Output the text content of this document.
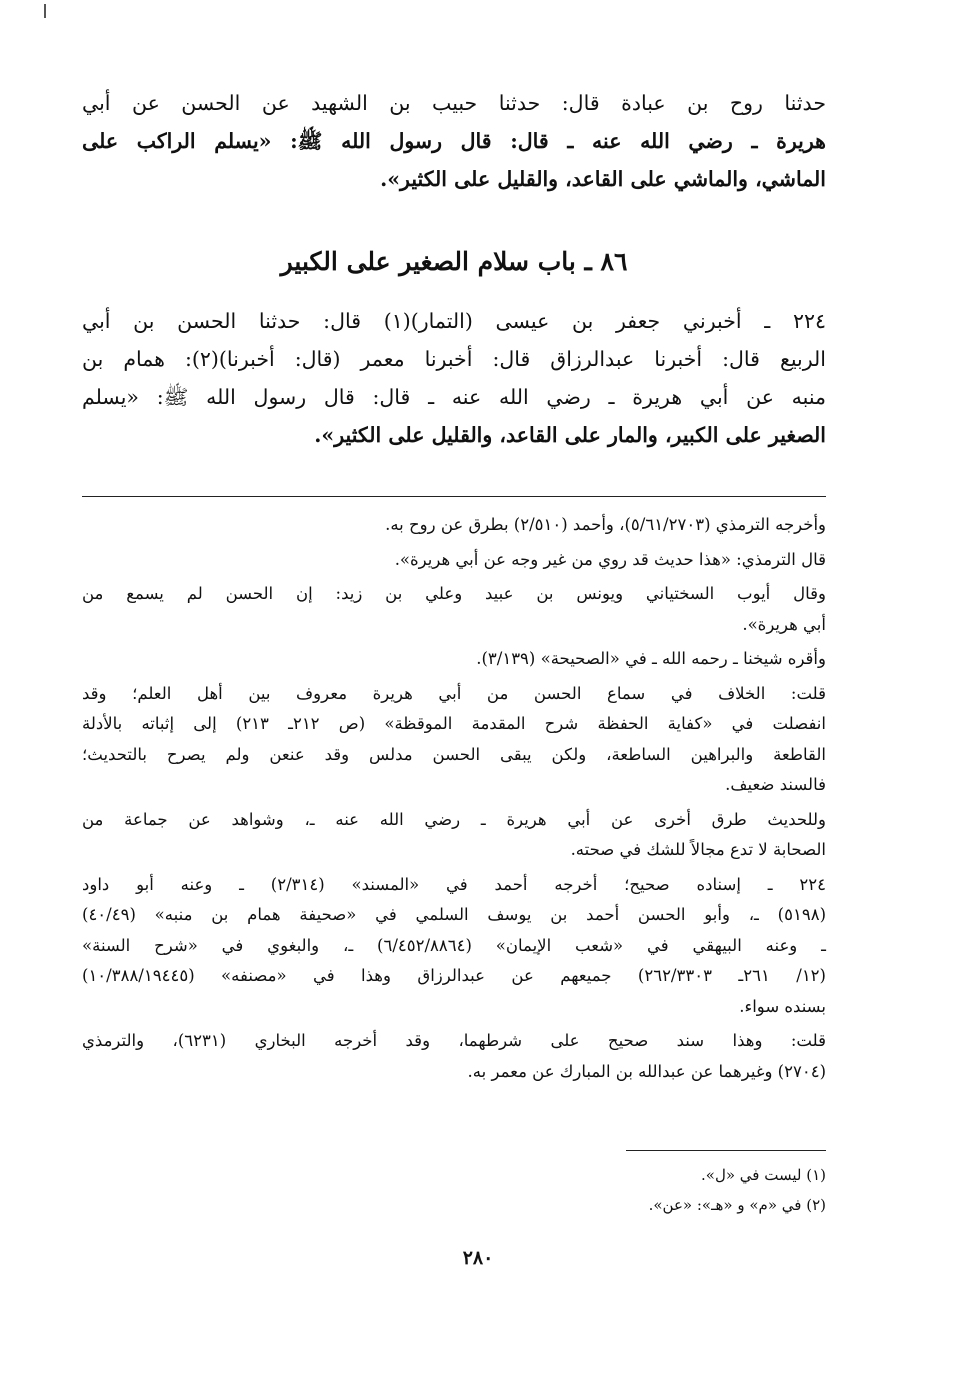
حدثنا روح بن عبادة قال: حدثنا حبيب بن الشهيد عن الحسن عن أبي
هريرة ـ رضي الله عنه ـ قال: قال رسول الله ﷺ: «يسلم الراكب على
الماشي، والماشي على القاعد، والقليل على الكثير».
٨٦ ـ باب سلام الصغير على الكبير
٢٢٤ ـ أخبرني جعفر بن عيسى (التمار)(١) قال: حدثنا الحسن بن أبي
الربيع قال: أخبرنا عبدالرزاق قال: أخبرنا معمر (قال: أخبرنا)(٢): همام بن
منبه عن أبي هريرة ـ رضي الله عنه ـ قال: قال رسول الله ﷺ: «يسلم
الصغير على الكبير، والمار على القاعد، والقليل على الكثير».
وأخرجه الترمذي (٥/٦١/٢٧٠٣)، وأحمد (٢/٥١٠) بطرق عن روح به.
قال الترمذي: «هذا حديث قد روي من غير وجه عن أبي هريرة».
وقال أيوب السختياني ويونس بن عبيد وعلي بن زيد: إن الحسن لم يسمع من
أبي هريرة».
وأقره شيخنا ـ رحمه الله ـ في «الصحيحة» (٣/١٣٩).
قلت: الخلاف في سماع الحسن من أبي هريرة معروف بين أهل العلم؛ وقد
انفصلت في «كفاية الحفظة شرح المقدمة الموقظة» (ص ٢١٢ـ ٢١٣) إلى إثباته بالأدلة
القاطعة والبراهين الساطعة، ولكن يبقى الحسن مدلس وقد عنعن ولم يصرح بالتحديث؛
فالسند ضعيف.
وللحديث طرق أخرى عن أبي هريرة ـ رضي الله عنه ـ، وشواهد عن جماعة من
الصحابة لا تدع مجالاً للشك في صحته.
٢٢٤ ـ إسناده صحيح؛ أخرجه أحمد في «المسند» (٢/٣١٤) ـ وعنه أبو داود
(٥١٩٨) ـ، وأبو الحسن أحمد بن يوسف السلمي في «صحيفة همام بن منبه» (٤٠/٤٩)
ـ وعنه البيهقي في «شعب الإيمان» (٦/٤٥٢/٨٨٦٤) ـ، والبغوي في «شرح السنة»
(١٢/ ٢٦١ـ ٢٦٢/٣٣٠٣) جميعهم عن عبدالرزاق وهذا في «مصنفه» (١٠/٣٨٨/١٩٤٤٥)
بسنده سواء.
قلت: وهذا سند صحيح على شرطهما، وقد أخرجه البخاري (٦٢٣١)، والترمذي
(٢٧٠٤) وغيرهما عن عبدالله بن المبارك عن معمر به.
(١) ليست في «ل».
(٢) في «م» و «هـ»: «عن».
٢٨٠
